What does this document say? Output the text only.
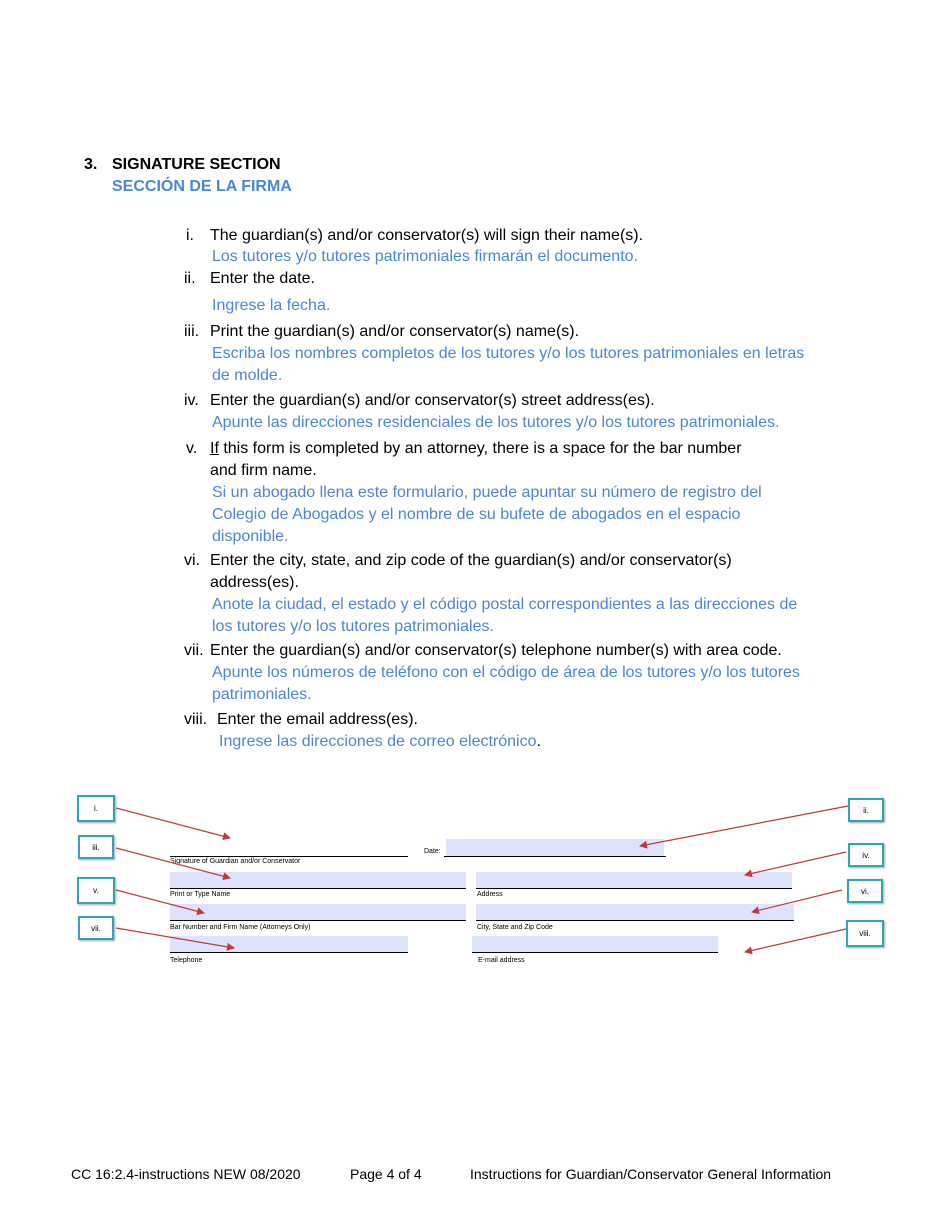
3. SIGNATURE SECTION
SECCIÓN DE LA FIRMA
i. The guardian(s) and/or conservator(s) will sign their name(s).
Los tutores y/o tutores patrimoniales firmarán el documento.
ii. Enter the date.
Ingrese la fecha.
iii. Print the guardian(s) and/or conservator(s) name(s).
Escriba los nombres completos de los tutores y/o los tutores patrimoniales en letras
de molde.
iv. Enter the guardian(s) and/or conservator(s) street address(es).
Apunte las direcciones residenciales de los tutores y/o los tutores patrimoniales.
v. If this form is completed by an attorney, there is a space for the bar number
and firm name.
Si un abogado llena este formulario, puede apuntar su número de registro del
Colegio de Abogados y el nombre de su bufete de abogados en el espacio
disponible.
vi. Enter the city, state, and zip code of the guardian(s) and/or conservator(s)
address(es).
Anote la ciudad, el estado y el código postal correspondientes a las direcciones de
los tutores y/o los tutores patrimoniales.
vii. Enter the guardian(s) and/or conservator(s) telephone number(s) with area code.
Apunte los números de teléfono con el código de área de los tutores y/o los tutores
patrimoniales.
viii. Enter the email address(es).
Ingrese las direcciones de correo electrónico.
Signature of Guardian and/or Conservator
Date:
Print or Type Name	Address
Bar Number and Firm Name (Attorneys Only)	City, State and Zip Code
Telephone	E-mail address
i.	ii.
iii.
iv.
v.	vi.
vii.
viii.
CC 16:2.4-instructions NEW 08/2020	Page 4 of 4	Instructions for Guardian/Conservator General Information
